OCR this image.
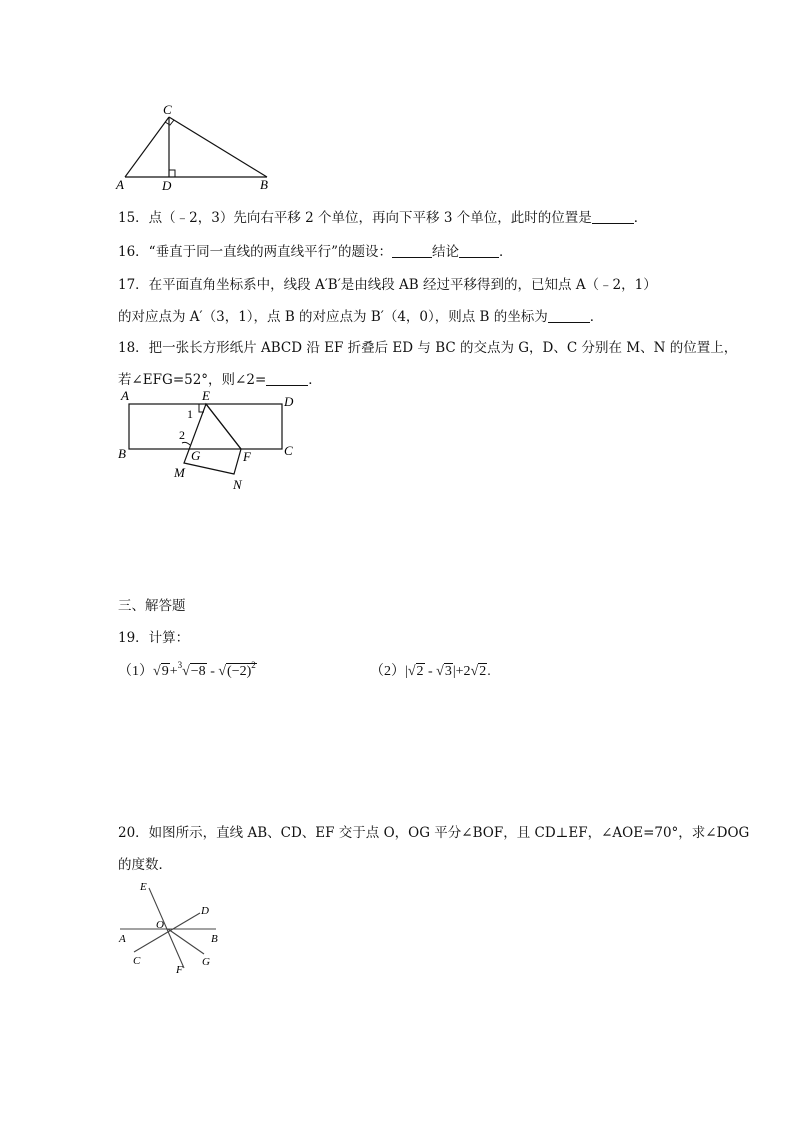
C
A	D	B
15．点（﹣2，3）先向右平移 2 个单位，再向下平移 3 个单位，此时的位置是	．
16．“垂直于同一直线的两直线平行”的题设：	结论	．
17．在平面直角坐标系中，线段 A′B′是由线段 AB 经过平移得到的，已知点 A（﹣2，1）
的对应点为 A′（3，1），点 B 的对应点为 B′（4，0），则点 B 的坐标为	．
18．把一张长方形纸片 ABCD 沿 EF 折叠后 ED 与 BC 的交点为 G，D、C 分别在 M、N 的位置上，
若∠EFG=52°，则∠2=	．
A	E	D
1
2
B	G	F	C
M
N
三、解答题
19．计算：
$(1)√9+^3√-8 - √(-2)^2$	（2）|√2 - √3|+2√2.
20．如图所示，直线 AB、CD、EF 交于点 O，OG 平分∠BOF，且 CD⊥EF，∠AOE=70°，求∠DOG
的度数．
E
D
O
A	B
C	G
F
